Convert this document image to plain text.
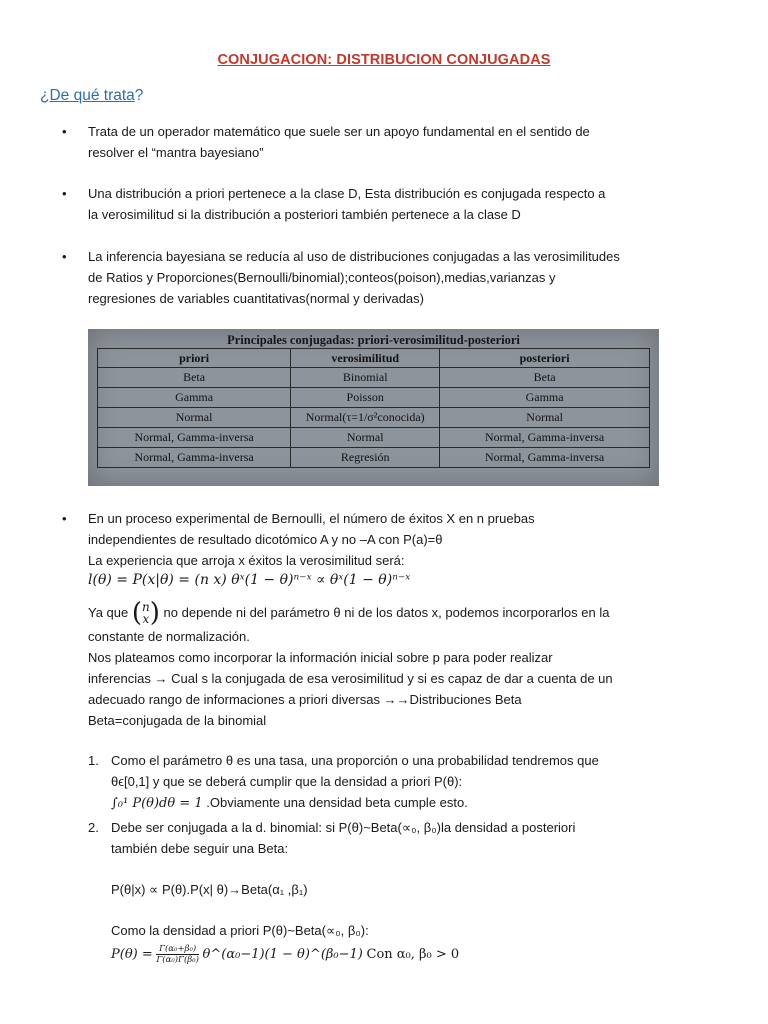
CONJUGACION: DISTRIBUCION CONJUGADAS
¿De qué trata?
• Trata de un operador matemático que suele ser un apoyo fundamental en el sentido de
resolver el “mantra bayesiano”
• Una distribución a priori pertenece a la clase D, Esta distribución es conjugada respecto a
la verosimilitud si la distribución a posteriori también pertenece a la clase D
• La inferencia bayesiana se reducía al uso de distribuciones conjugadas a las verosimilitudes
de Ratios y Proporciones(Bernoulli/binomial);conteos(poison),medias,varianzas y
regresiones de variables cuantitativas(normal y derivadas)
Principales conjugadas: priori-verosimilitud-posteriori
priori	verosimilitud	posteriori
Beta	Binomial	Beta
Gamma	Poisson	Gamma
Normal	Normal(τ=1/σ²conocida)	Normal
Normal, Gamma-inversa	Normal	Normal, Gamma-inversa
Normal, Gamma-inversa	Regresión	Normal, Gamma-inversa
• En un proceso experimental de Bernoulli, el número de éxitos X en n pruebas
independientes de resultado dicotómico A y no –A con P(a)=θ
La experiencia que arroja x éxitos la verosimilitud será:
l(θ) = P(x|θ) = (n x) θˣ(1 − θ)ⁿ⁻ˣ ∝ θˣ(1 − θ)ⁿ⁻ˣ
Ya que ( n
x ) no depende ni del parámetro θ ni de los datos x, podemos incorporarlos en la
constante de normalización.
Nos plateamos como incorporar la información inicial sobre p para poder realizar
inferencias → Cual s la conjugada de esa verosimilitud y si es capaz de dar a cuenta de un
adecuado rango de informaciones a priori diversas →→Distribuciones Beta
Beta=conjugada de la binomial
1. Como el parámetro θ es una tasa, una proporción o una probabilidad tendremos que
θϵ[0,1] y que se deberá cumplir que la densidad a priori P(θ):
∫₀¹ P(θ)dθ = 1 .Obviamente una densidad beta cumple esto.
2. Debe ser conjugada a la d. binomial: si P(θ)~Beta(∝₀, β₀)la densidad a posteriori
también debe seguir una Beta:
P(θ|x) ∝ P(θ).P(x| θ)→Beta(α₁ ,β₁)
Como la densidad a priori P(θ)~Beta(∝₀, β₀):
$P(\theta) = \frac{\text{Γ(α₀+β₀)}}{\text{Γ(α₀)Γ(β₀)}}$ θ^(α₀−1)(1 − θ)^(β₀−1) Con α₀, β₀ > 0
